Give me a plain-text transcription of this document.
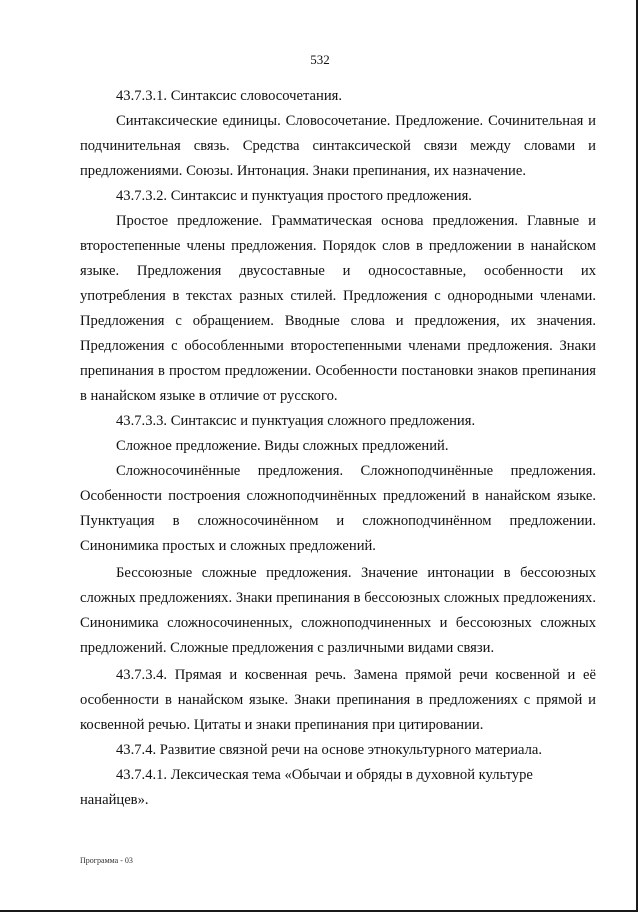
532

43.7.3.1. Синтаксис словосочетания.

Синтаксические единицы. Словосочетание. Предложение. Сочинительная и подчинительная связь. Средства синтаксической связи между словами и предложениями. Союзы. Интонация. Знаки препинания, их назначение.

43.7.3.2. Синтаксис и пунктуация простого предложения.

Простое предложение. Грамматическая основа предложения. Главные и второстепенные члены предложения. Порядок слов в предложении в нанайском языке. Предложения двусоставные и односоставные, особенности их употребления в текстах разных стилей. Предложения с однородными членами. Предложения с обращением. Вводные слова и предложения, их значения. Предложения с обособленными второстепенными членами предложения. Знаки препинания в простом предложении. Особенности постановки знаков препинания в нанайском языке в отличие от русского.

43.7.3.3. Синтаксис и пунктуация сложного предложения.

Сложное предложение. Виды сложных предложений.

Сложносочинённые предложения. Сложноподчинённые предложения. Особенности построения сложноподчинённых предложений в нанайском языке. Пунктуация в сложносочинённом и сложноподчинённом предложении. Синонимика простых и сложных предложений.

Бессоюзные сложные предложения. Значение интонации в бессоюзных сложных предложениях. Знаки препинания в бессоюзных сложных предложениях. Синонимика сложносочиненных, сложноподчиненных и бессоюзных сложных предложений. Сложные предложения с различными видами связи.

43.7.3.4. Прямая и косвенная речь. Замена прямой речи косвенной и её особенности в нанайском языке. Знаки препинания в предложениях с прямой и косвенной речью. Цитаты и знаки препинания при цитировании.

43.7.4. Развитие связной речи на основе этнокультурного материала.

43.7.4.1. Лексическая тема «Обычаи и обряды в духовной культуре нанайцев».

Программа - 03
